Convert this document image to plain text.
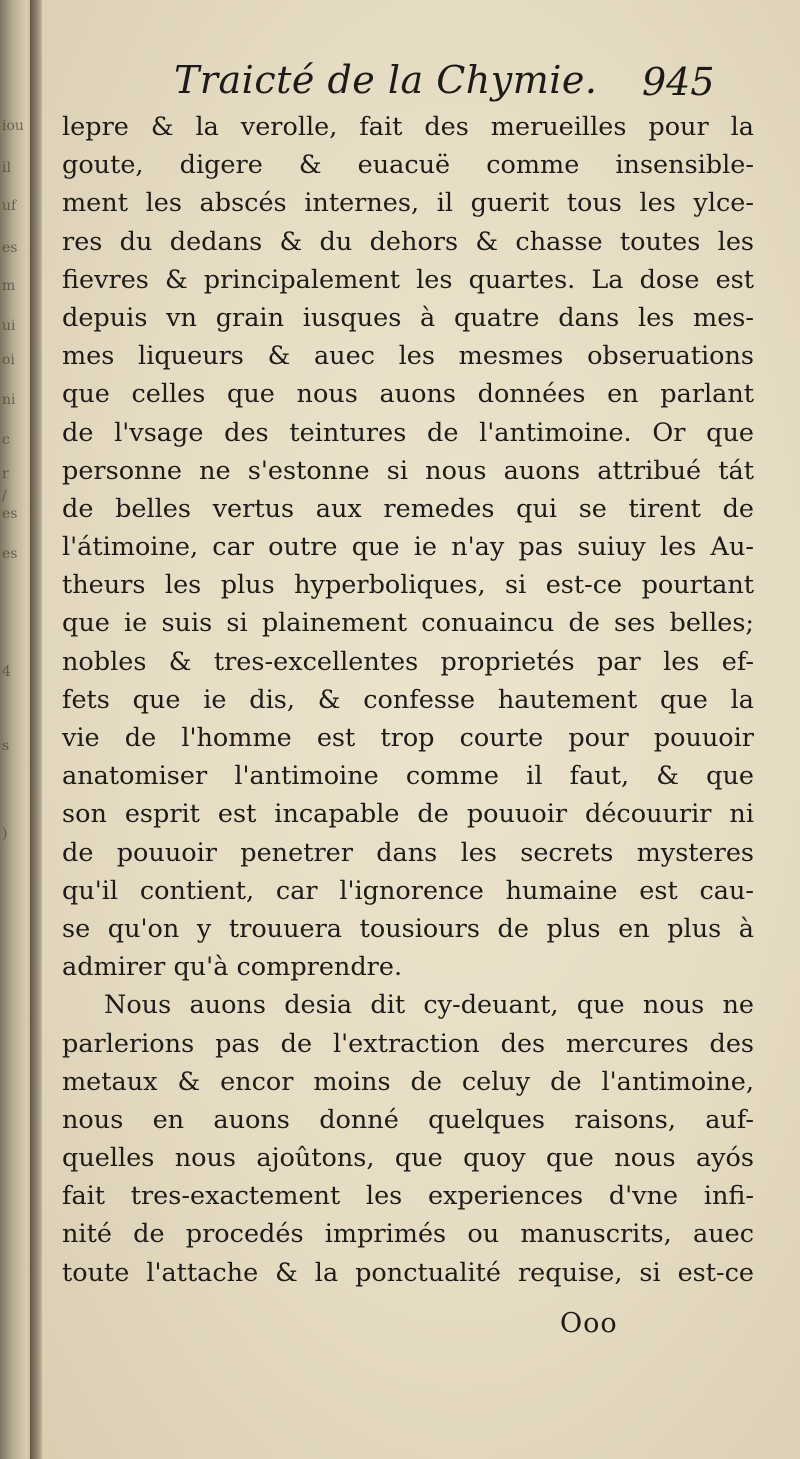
iou
il
uf
es
m
ui
oi
ni
c
r
/
es
es
4
s
)
Traicté de la Chymie. 945
lepre & la verolle, fait des merueilles pour la
goute, digere & euacuë comme insensible-
ment les abscés internes, il guerit tous les ylce-
res du dedans & du dehors & chasse toutes les
fievres & principalement les quartes. La dose est
depuis vn grain iusques à quatre dans les mes-
mes liqueurs & auec les mesmes obseruations
que celles que nous auons données en parlant
de l'vsage des teintures de l'antimoine. Or que
personne ne s'estonne si nous auons attribué tát
de belles vertus aux remedes qui se tirent de
l'átimoine, car outre que ie n'ay pas suiuy les Au-
theurs les plus hyperboliques, si est-ce pourtant
que ie suis si plainement conuaincu de ses belles;
nobles & tres-excellentes proprietés par les ef-
fets que ie dis, & confesse hautement que la
vie de l'homme est trop courte pour pouuoir
anatomiser l'antimoine comme il faut, & que
son esprit est incapable de pouuoir découurir ni
de pouuoir penetrer dans les secrets mysteres
qu'il contient, car l'ignorence humaine est cau-
se qu'on y trouuera tousiours de plus en plus à
admirer qu'à comprendre.
Nous auons desia dit cy-deuant, que nous ne
parlerions pas de l'extraction des mercures des
metaux & encor moins de celuy de l'antimoine,
nous en auons donné quelques raisons, auf-
quelles nous ajoûtons, que quoy que nous ayós
fait tres-exactement les experiences d'vne infi-
nité de procedés imprimés ou manuscrits, auec
toute l'attache & la ponctualité requise, si est-ce
Ooo
